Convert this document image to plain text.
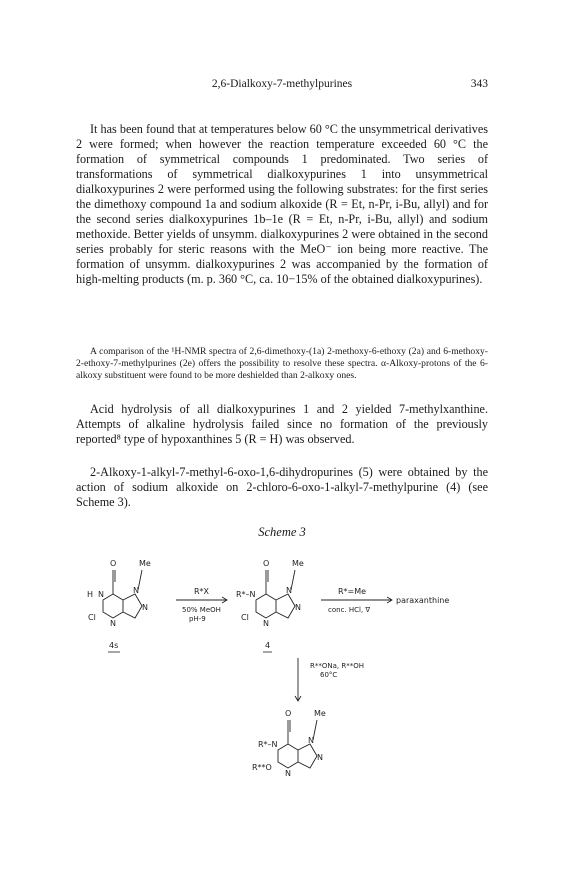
2,6-Dialkoxy-7-methylpurines	343

It has been found that at temperatures below 60 °C the unsymmetrical derivatives 2 were formed; when however the reaction temperature exceeded 60 °C the formation of symmetrical compounds 1 predominated. Two series of transformations of symmetrical dialkoxypurines 1 into unsymmetrical dialkoxypurines 2 were performed using the following substrates: for the first series the dimethoxy compound 1a and sodium alkoxide (R = Et, n-Pr, i-Bu, allyl) and for the second series dialkoxypurines 1b–1e (R = Et, n-Pr, i-Bu, allyl) and sodium methoxide. Better yields of unsymm. dialkoxypurines 2 were obtained in the second series probably for steric reasons with the MeO⁻ ion being more reactive. The formation of unsymm. dialkoxypurines 2 was accompanied by the formation of high-melting products (m. p. 360 °C, ca. 10−15% of the obtained dialkoxypurines).

A comparison of the ¹H-NMR spectra of 2,6-dimethoxy-(1a) 2-methoxy-6-ethoxy (2a) and 6-methoxy-2-ethoxy-7-methylpurines (2e) offers the possibility to resolve these spectra. α-Alkoxy-protons of the 6-alkoxy substituent were found to be more deshielded than 2-alkoxy ones.

Acid hydrolysis of all dialkoxypurines 1 and 2 yielded 7-methylxanthine. Attempts of alkaline hydrolysis failed since no formation of the previously reported⁸ type of hypoxanthines 5 (R = H) was observed.

2-Alkoxy-1-alkyl-7-methyl-6-oxo-1,6-dihydropurines (5) were obtained by the action of sodium alkoxide on 2-chloro-6-oxo-1-alkyl-7-methylpurine (4) (see Scheme 3).

Scheme 3
O	Me
H N	N
N
N
Cl
4s
R*X
50% MeOH
pH-9
O	Me
R*–N	N
N
N
Cl
4
R*=Me
conc. HCl, ∇
paraxanthine
R**ONa, R**OH
60°C
O	Me
R*–N	N
N
N
R**O
